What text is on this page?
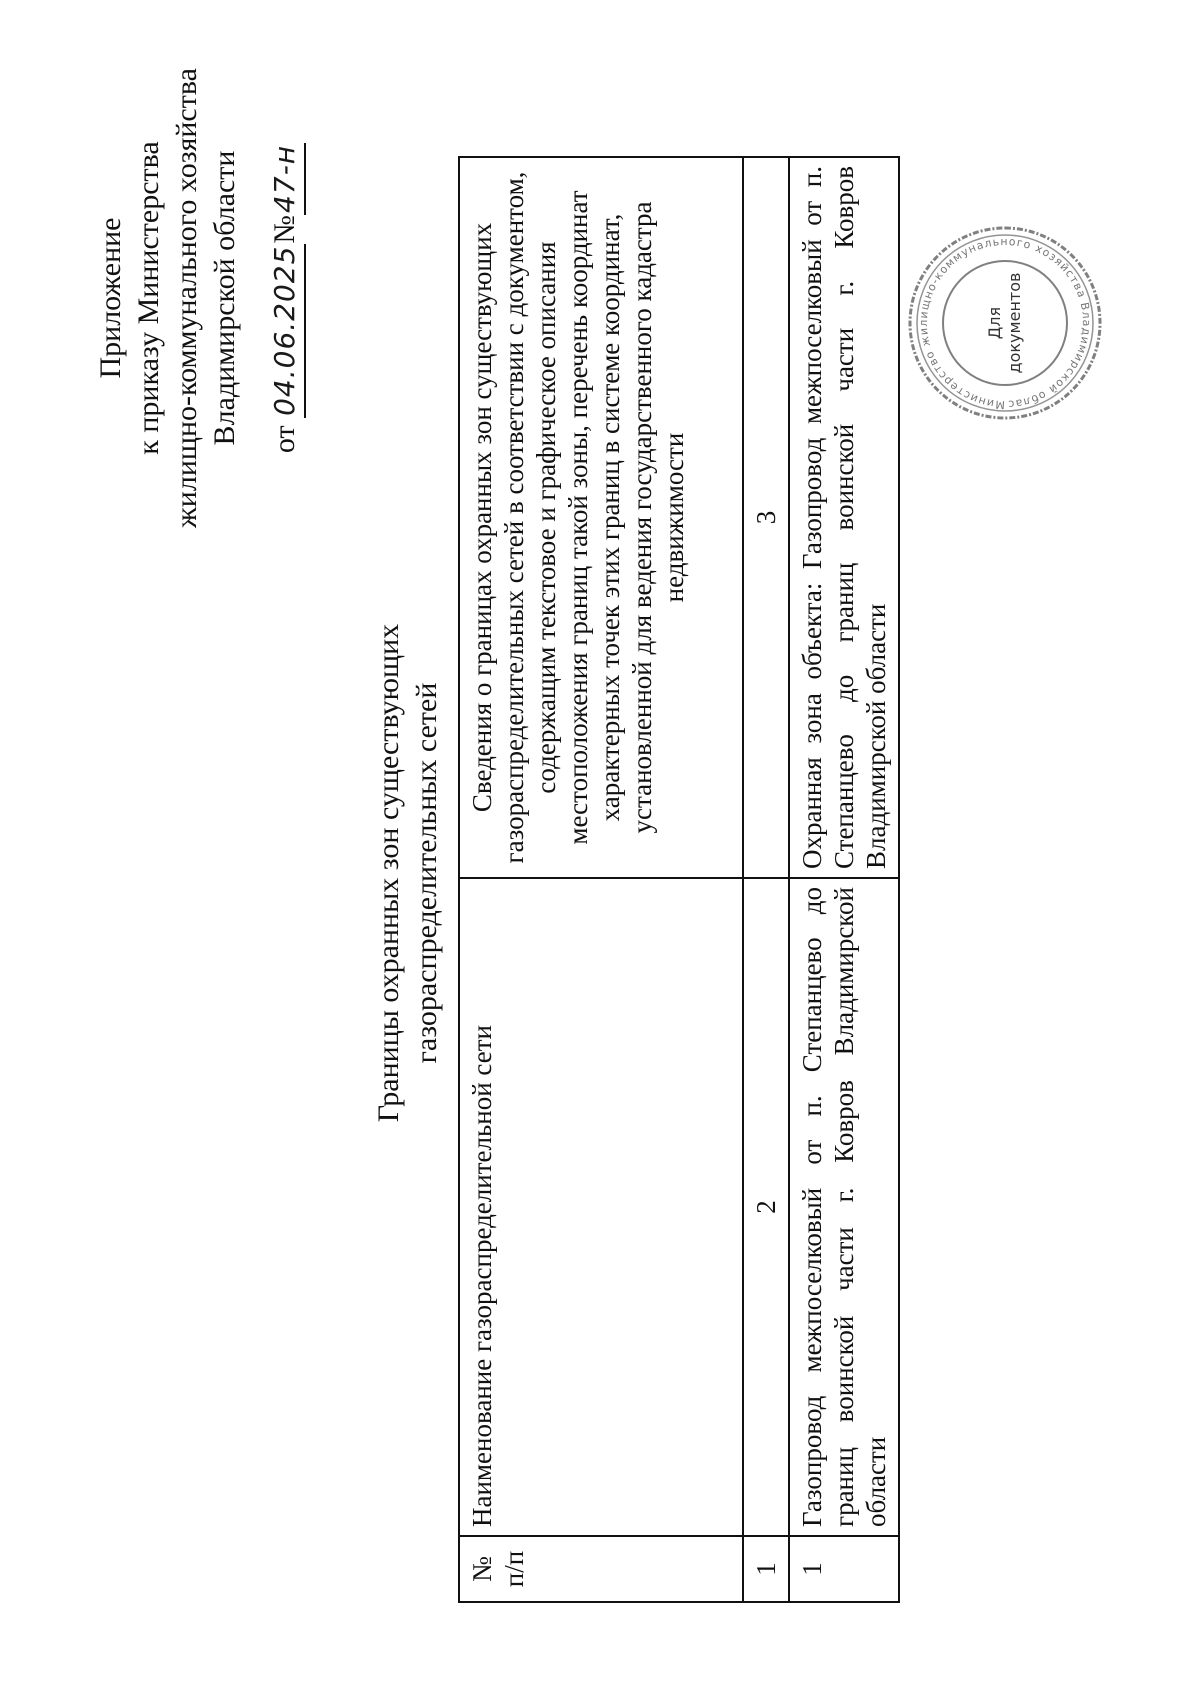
Приложение к приказу Министерства жилищно-коммунального хозяйства Владимирской области от 04.06.2025№47-н
Границы охранных зон существующих газораспределительных сетей
№ п/п	Наименование газораспределительной сети	Сведения о границах охранных зон существующих газораспределительных сетей в соответствии с документом, содержащим текстовое и графическое описания местоположения границ такой зоны, перечень координат характерных точек этих границ в системе координат, установленной для ведения государственного кадастра недвижимости
1	2	3
1	Газопровод межпоселковый от п. Степанцево до границ воинской части г. Ковров Владимирской области	Охранная зона объекта: Газопровод межпоселковый от п. Степанцево до границ воинской части г. Ковров Владимирской области
Министерство жилищно-коммунального хозяйства Владимирской облас
Для документов
